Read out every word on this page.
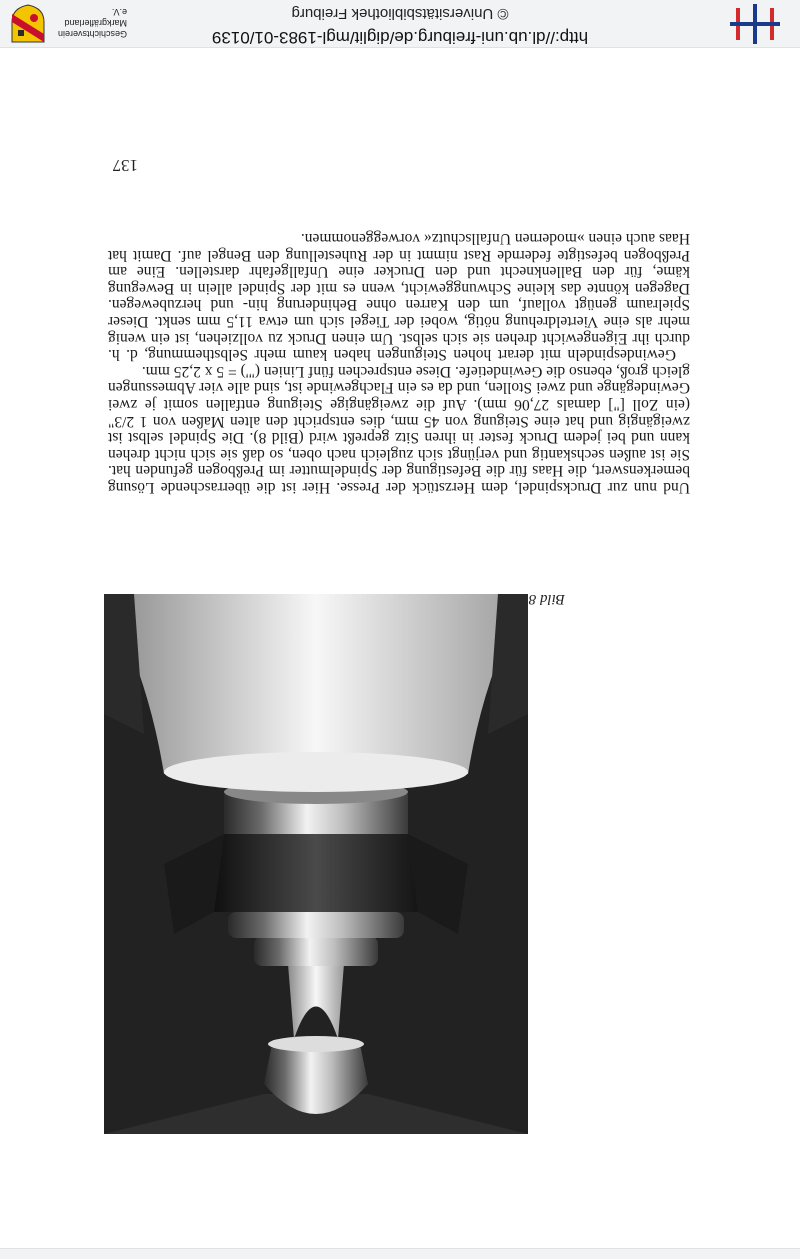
http://dl.ub.uni-freiburg.de/diglit/mgl-1983-01/0139
© Universitätsbibliothek Freiburg
Geschichtsverein
Markgräflerland e.V.
137

Und nun zur Druckspindel, dem Herzstück der Presse. Hier ist die überraschende Lösung bemerkenswert, die Haas für die Befestigung der Spindelmutter im Preßbogen gefunden hat. Sie ist außen sechskantig und verjüngt sich zugleich nach oben, so daß sie sich nicht drehen kann und bei jedem Druck fester in ihren Sitz gepreßt wird (Bild 8). Die Spindel selbst ist zweigängig und hat eine Steigung von 45 mm, dies entspricht den alten Maßen von 1 2/3" (ein Zoll ["] damals 27,06 mm). Auf die zweigängige Steigung entfallen somit je zwei Gewindegänge und zwei Stollen, und da es ein Flachgewinde ist, sind alle vier Abmessungen gleich groß, ebenso die Gewindetiefe. Diese entsprechen fünf Linien ("') = 5 x 2,25 mm.

Gewindespindeln mit derart hohen Steigungen haben kaum mehr Selbsthemmung, d. h. durch ihr Eigengewicht drehen sie sich selbst. Um einen Druck zu vollziehen, ist ein wenig mehr als eine Vierteldrehung nötig, wobei der Tiegel sich um etwa 11,5 mm senkt. Dieser Spielraum genügt vollauf, um den Karren ohne Behinderung hin- und herzubewegen. Dagegen könnte das kleine Schwunggewicht, wenn es mit der Spindel allein in Bewegung käme, für den Ballenknecht und den Drucker eine Unfallgefahr darstellen. Eine am Preßbogen befestigte federnde Rast nimmt in der Ruhestellung den Bengel auf. Damit hat Haas auch einen »modernen Unfallschutz« vorweggenommen.

Bild 8
